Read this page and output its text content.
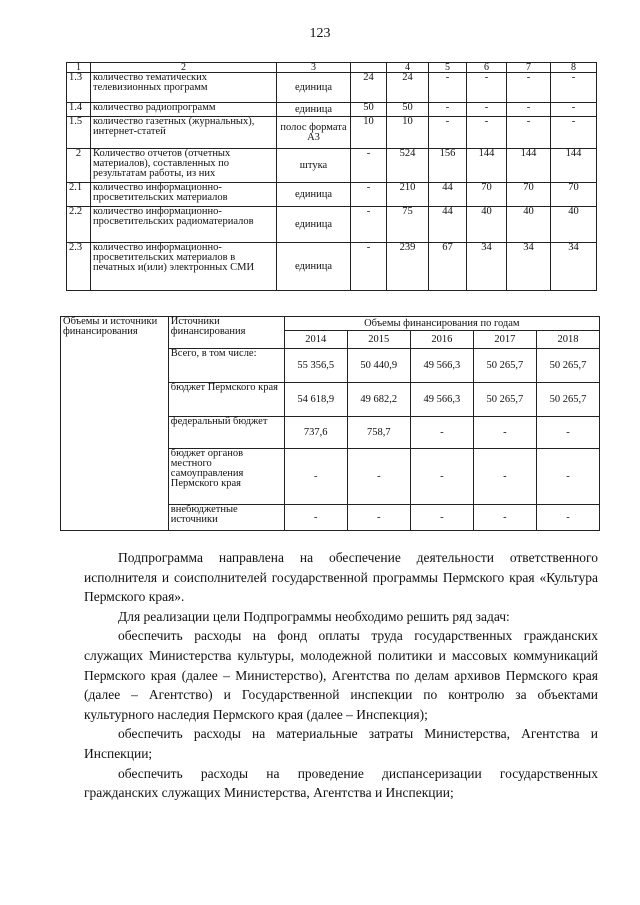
123
1	2	3		4	5	6	7	8
1.3	количество тематических телевизионных программ	единица	24	24	-	-	-	-
1.4	количество радиопрограмм	единица	50	50	-	-	-	-
1.5	количество газетных (журнальных), интернет-статей	полос формата А3	10	10	-	-	-	-
2	Количество отчетов (отчетных материалов), составленных по результатам работы, из них	штука	-	524	156	144	144	144
2.1	количество информационно-просветительских материалов	единица	-	210	44	70	70	70
2.2	количество информационно-просветительских радиоматериалов	единица	-	75	44	40	40	40
2.3	количество информационно-просветительских материалов в печатных и(или) электронных СМИ	единица	-	239	67	34	34	34
Объемы и источники финансирования	Источники финансирования	Объемы финансирования по годам				
		2014	2015	2016	2017	2018
	Всего, в том числе:	55 356,5	50 440,9	49 566,3	50 265,7	50 265,7
	бюджет Пермского края	54 618,9	49 682,2	49 566,3	50 265,7	50 265,7
	федеральный бюджет	737,6	758,7	-	-	-
	бюджет органов местного самоуправления Пермского края	-	-	-	-	-
	внебюджетные источники	-	-	-	-	-

Подпрограмма направлена на обеспечение деятельности ответственного исполнителя и соисполнителей государственной программы Пермского края «Культура Пермского края».

Для реализации цели Подпрограммы необходимо решить ряд задач:

обеспечить расходы на фонд оплаты труда государственных гражданских служащих Министерства культуры, молодежной политики и массовых коммуникаций Пермского края (далее – Министерство), Агентства по делам архивов Пермского края (далее – Агентство) и Государственной инспекции по контролю за объектами культурного наследия Пермского края (далее – Инспекция);

обеспечить расходы на материальные затраты Министерства, Агентства и Инспекции;

обеспечить расходы на проведение диспансеризации государственных гражданских служащих Министерства, Агентства и Инспекции;
